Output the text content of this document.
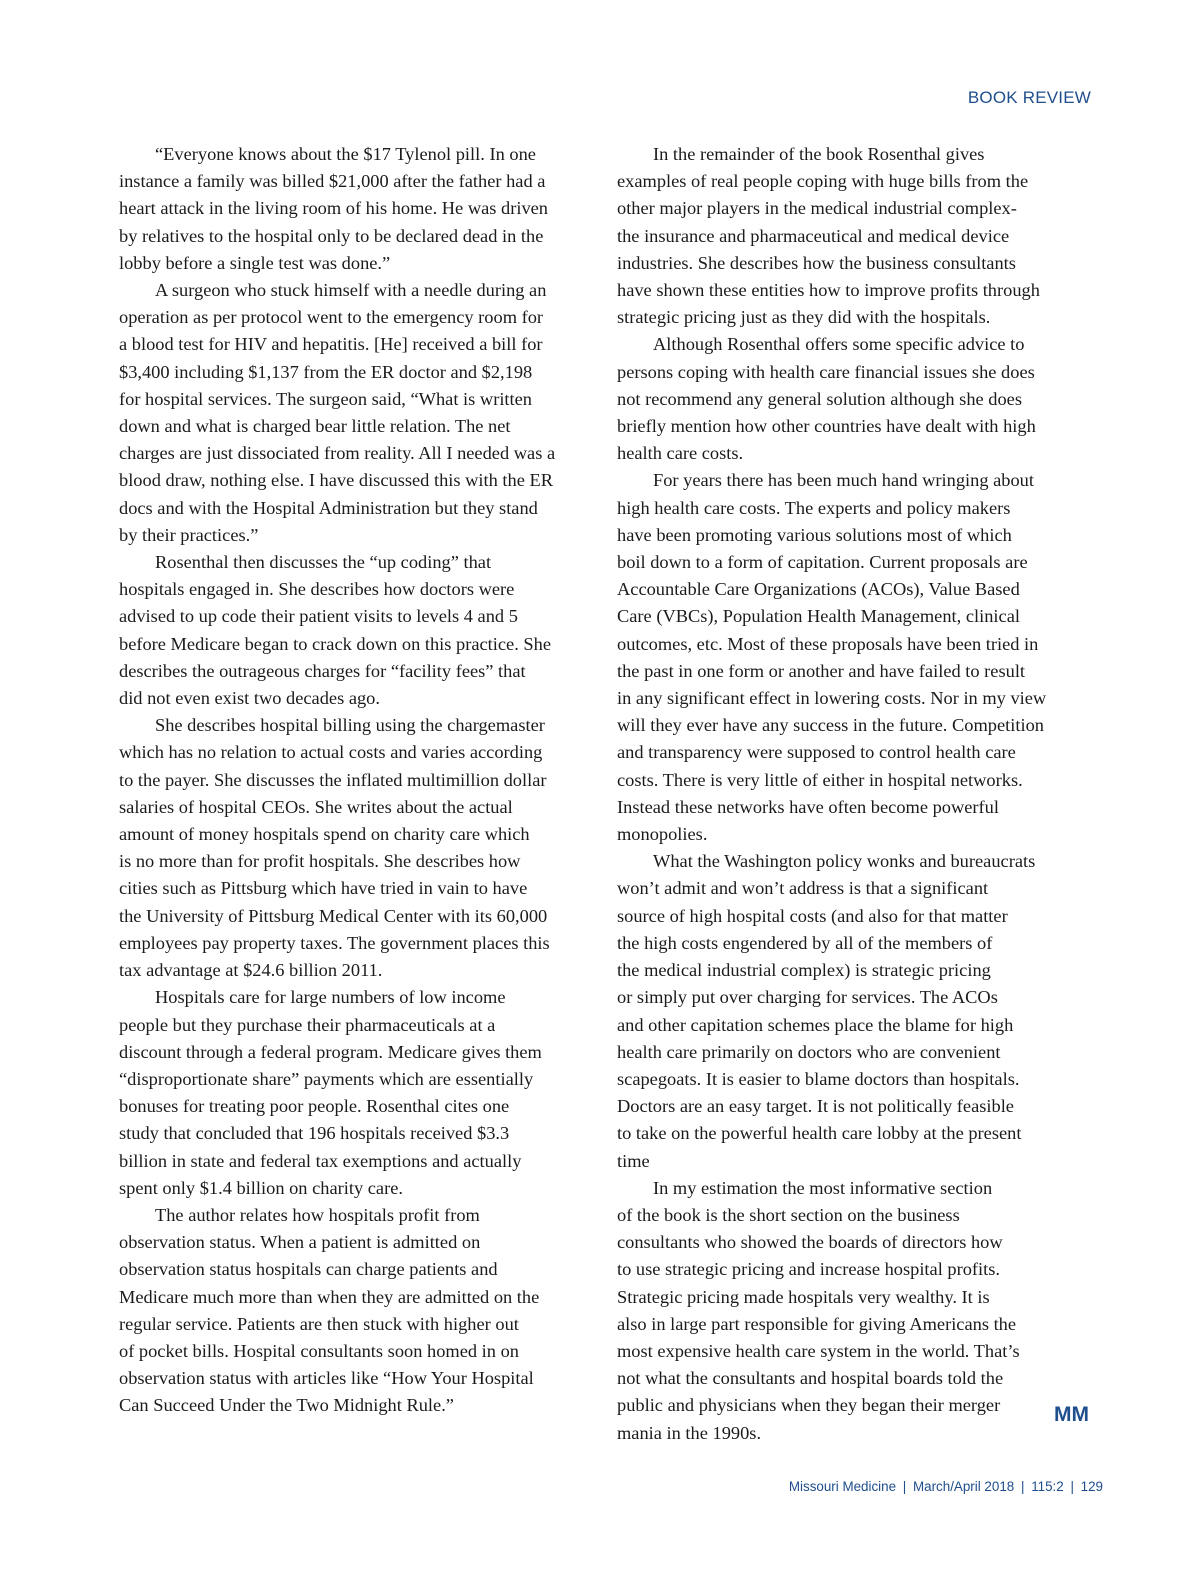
BOOK REVIEW
“Everyone knows about the $17 Tylenol pill. In one
instance a family was billed $21,000 after the father had a
heart attack in the living room of his home. He was driven
by relatives to the hospital only to be declared dead in the
lobby before a single test was done.”
A surgeon who stuck himself with a needle during an
operation as per protocol went to the emergency room for
a blood test for HIV and hepatitis. [He] received a bill for
$3,400 including $1,137 from the ER doctor and $2,198
for hospital services. The surgeon said, “What is written
down and what is charged bear little relation. The net
charges are just dissociated from reality. All I needed was a
blood draw, nothing else. I have discussed this with the ER
docs and with the Hospital Administration but they stand
by their practices.”
Rosenthal then discusses the “up coding” that
hospitals engaged in. She describes how doctors were
advised to up code their patient visits to levels 4 and 5
before Medicare began to crack down on this practice. She
describes the outrageous charges for “facility fees” that
did not even exist two decades ago.
She describes hospital billing using the chargemaster
which has no relation to actual costs and varies according
to the payer. She discusses the inflated multimillion dollar
salaries of hospital CEOs. She writes about the actual
amount of money hospitals spend on charity care which
is no more than for profit hospitals. She describes how
cities such as Pittsburg which have tried in vain to have
the University of Pittsburg Medical Center with its 60,000
employees pay property taxes. The government places this
tax advantage at $24.6 billion 2011.
Hospitals care for large numbers of low income
people but they purchase their pharmaceuticals at a
discount through a federal program. Medicare gives them
“disproportionate share” payments which are essentially
bonuses for treating poor people. Rosenthal cites one
study that concluded that 196 hospitals received $3.3
billion in state and federal tax exemptions and actually
spent only $1.4 billion on charity care.
The author relates how hospitals profit from
observation status. When a patient is admitted on
observation status hospitals can charge patients and
Medicare much more than when they are admitted on the
regular service. Patients are then stuck with higher out
of pocket bills. Hospital consultants soon homed in on
observation status with articles like “How Your Hospital
Can Succeed Under the Two Midnight Rule.”
In the remainder of the book Rosenthal gives
examples of real people coping with huge bills from the
other major players in the medical industrial complex-
the insurance and pharmaceutical and medical device
industries. She describes how the business consultants
have shown these entities how to improve profits through
strategic pricing just as they did with the hospitals.
Although Rosenthal offers some specific advice to
persons coping with health care financial issues she does
not recommend any general solution although she does
briefly mention how other countries have dealt with high
health care costs.
For years there has been much hand wringing about
high health care costs. The experts and policy makers
have been promoting various solutions most of which
boil down to a form of capitation. Current proposals are
Accountable Care Organizations (ACOs), Value Based
Care (VBCs), Population Health Management, clinical
outcomes, etc. Most of these proposals have been tried in
the past in one form or another and have failed to result
in any significant effect in lowering costs. Nor in my view
will they ever have any success in the future. Competition
and transparency were supposed to control health care
costs. There is very little of either in hospital networks.
Instead these networks have often become powerful
monopolies.
What the Washington policy wonks and bureaucrats
won’t admit and won’t address is that a significant
source of high hospital costs (and also for that matter
the high costs engendered by all of the members of
the medical industrial complex) is strategic pricing
or simply put over charging for services. The ACOs
and other capitation schemes place the blame for high
health care primarily on doctors who are convenient
scapegoats. It is easier to blame doctors than hospitals.
Doctors are an easy target. It is not politically feasible
to take on the powerful health care lobby at the present
time
In my estimation the most informative section
of the book is the short section on the business
consultants who showed the boards of directors how
to use strategic pricing and increase hospital profits.
Strategic pricing made hospitals very wealthy. It is
also in large part responsible for giving Americans the
most expensive health care system in the world. That’s
not what the consultants and hospital boards told the
public and physicians when they began their merger
mania in the 1990s.
MM
Missouri Medicine | March/April 2018 | 115:2 | 129
